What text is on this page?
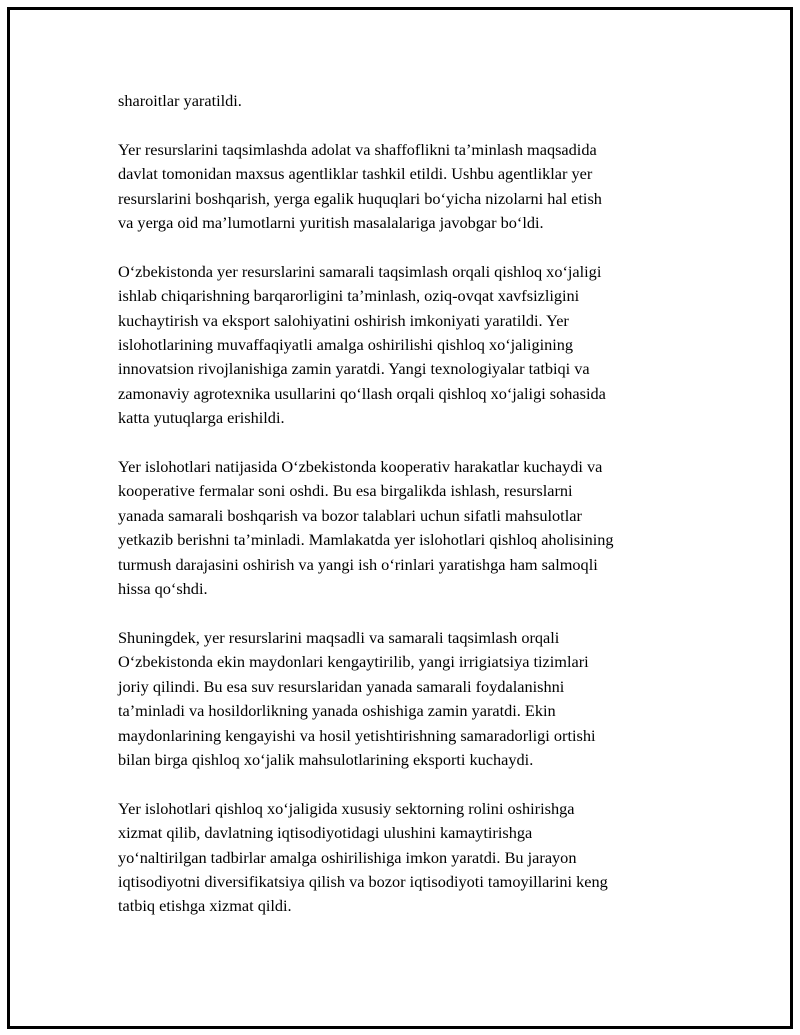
sharoitlar yaratildi.

Yer resurslarini taqsimlashda adolat va shaffoflikni ta’minlash maqsadida
davlat tomonidan maxsus agentliklar tashkil etildi. Ushbu agentliklar yer
resurslarini boshqarish, yerga egalik huquqlari bo‘yicha nizolarni hal etish
va yerga oid ma’lumotlarni yuritish masalalariga javobgar bo‘ldi.

O‘zbekistonda yer resurslarini samarali taqsimlash orqali qishloq xo‘jaligi
ishlab chiqarishning barqarorligini ta’minlash, oziq-ovqat xavfsizligini
kuchaytirish va eksport salohiyatini oshirish imkoniyati yaratildi. Yer
islohotlarining muvaffaqiyatli amalga oshirilishi qishloq xo‘jaligining
innovatsion rivojlanishiga zamin yaratdi. Yangi texnologiyalar tatbiqi va
zamonaviy agrotexnika usullarini qo‘llash orqali qishloq xo‘jaligi sohasida
katta yutuqlarga erishildi.

Yer islohotlari natijasida O‘zbekistonda kooperativ harakatlar kuchaydi va
kooperative fermalar soni oshdi. Bu esa birgalikda ishlash, resurslarni
yanada samarali boshqarish va bozor talablari uchun sifatli mahsulotlar
yetkazib berishni ta’minladi. Mamlakatda yer islohotlari qishloq aholisining
turmush darajasini oshirish va yangi ish o‘rinlari yaratishga ham salmoqli
hissa qo‘shdi.

Shuningdek, yer resurslarini maqsadli va samarali taqsimlash orqali
O‘zbekistonda ekin maydonlari kengaytirilib, yangi irrigiatsiya tizimlari
joriy qilindi. Bu esa suv resurslaridan yanada samarali foydalanishni
ta’minladi va hosildorlikning yanada oshishiga zamin yaratdi. Ekin
maydonlarining kengayishi va hosil yetishtirishning samaradorligi ortishi
bilan birga qishloq xo‘jalik mahsulotlarining eksporti kuchaydi.

Yer islohotlari qishloq xo‘jaligida xususiy sektorning rolini oshirishga
xizmat qilib, davlatning iqtisodiyotidagi ulushini kamaytirishga
yo‘naltirilgan tadbirlar amalga oshirilishiga imkon yaratdi. Bu jarayon
iqtisodiyotni diversifikatsiya qilish va bozor iqtisodiyoti tamoyillarini keng
tatbiq etishga xizmat qildi.
